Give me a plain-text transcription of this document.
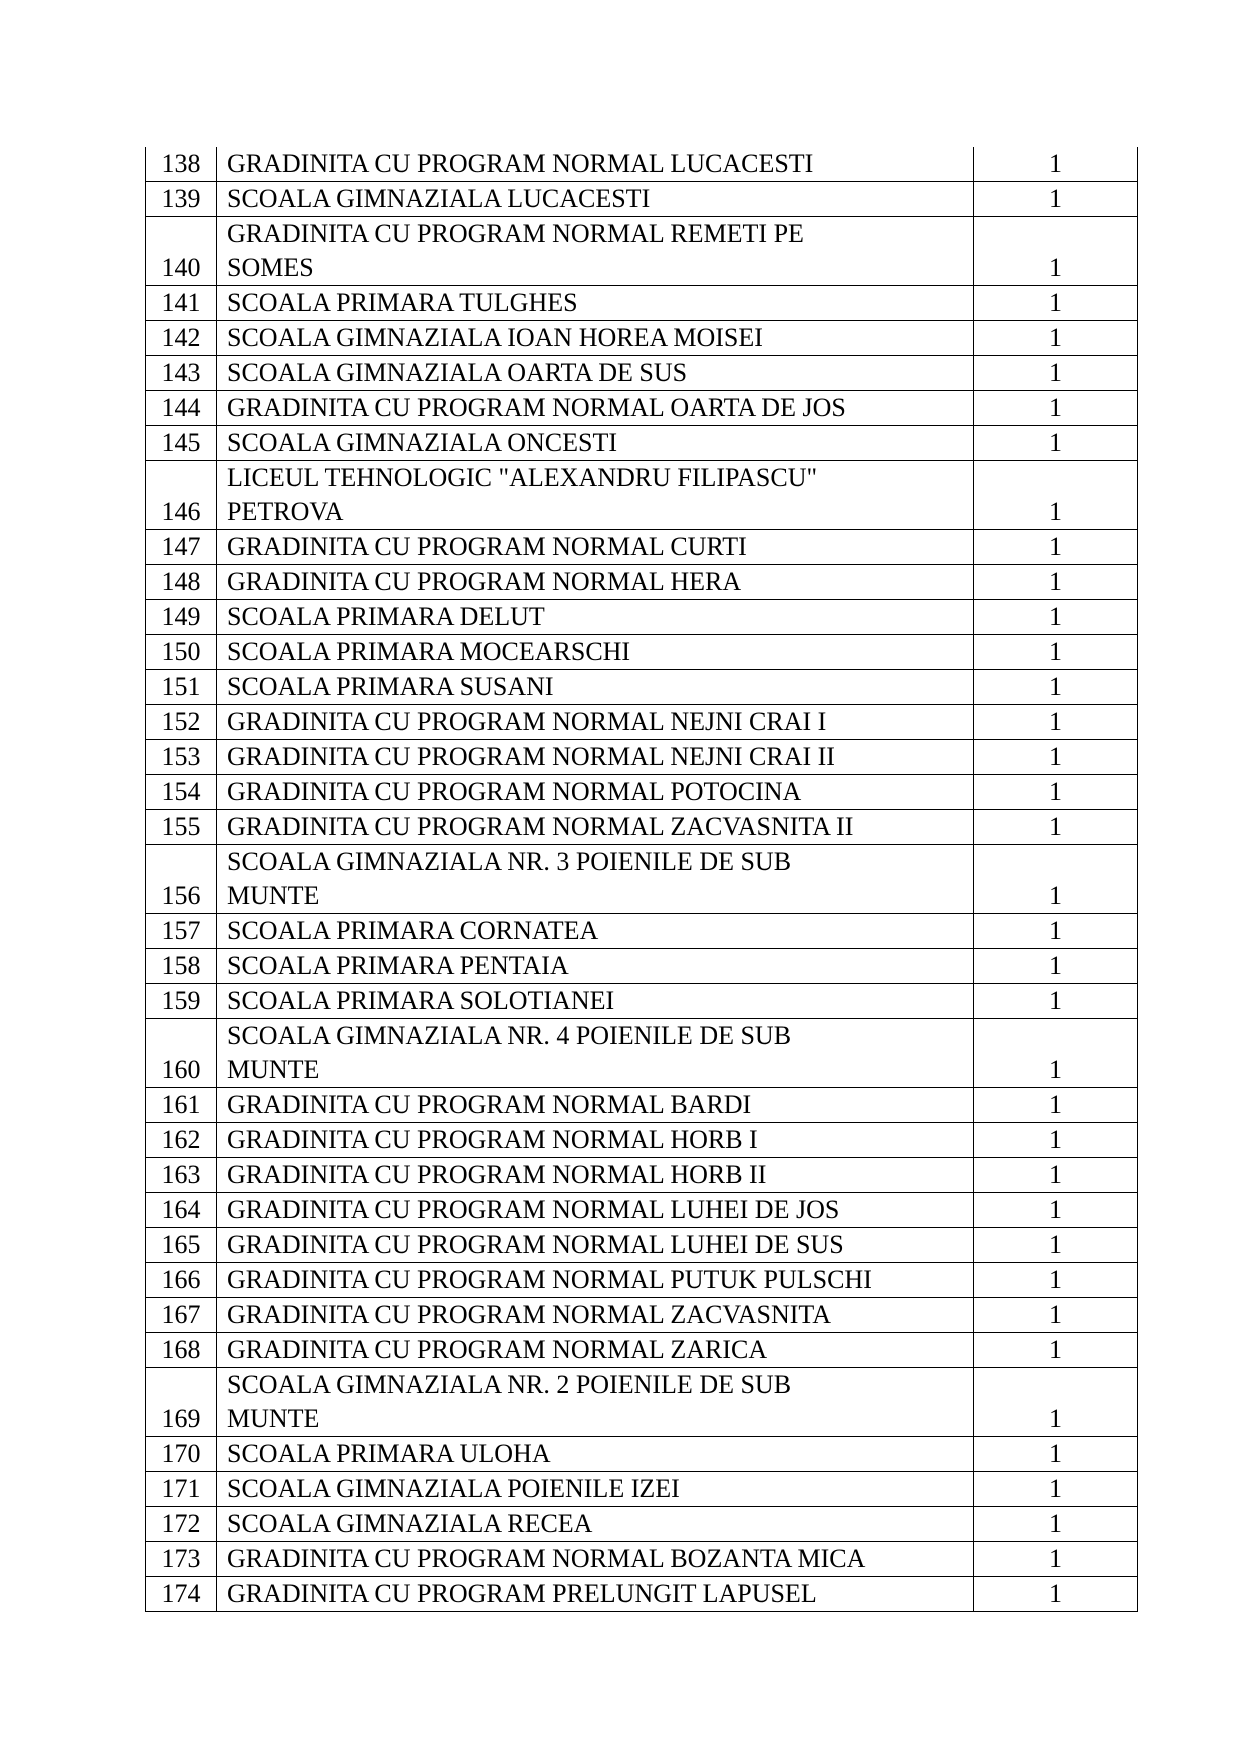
138	GRADINITA CU PROGRAM NORMAL LUCACESTI	1
139	SCOALA GIMNAZIALA LUCACESTI	1
140	GRADINITA CU PROGRAM NORMAL REMETI PE
SOMES	1
141	SCOALA PRIMARA TULGHES	1
142	SCOALA GIMNAZIALA IOAN HOREA MOISEI	1
143	SCOALA GIMNAZIALA OARTA DE SUS	1
144	GRADINITA CU PROGRAM NORMAL OARTA DE JOS	1
145	SCOALA GIMNAZIALA ONCESTI	1
146	LICEUL TEHNOLOGIC "ALEXANDRU FILIPASCU"
PETROVA	1
147	GRADINITA CU PROGRAM NORMAL CURTI	1
148	GRADINITA CU PROGRAM NORMAL HERA	1
149	SCOALA PRIMARA DELUT	1
150	SCOALA PRIMARA MOCEARSCHI	1
151	SCOALA PRIMARA SUSANI	1
152	GRADINITA CU PROGRAM NORMAL NEJNI CRAI I	1
153	GRADINITA CU PROGRAM NORMAL NEJNI CRAI II	1
154	GRADINITA CU PROGRAM NORMAL POTOCINA	1
155	GRADINITA CU PROGRAM NORMAL ZACVASNITA II	1
156	SCOALA GIMNAZIALA NR. 3 POIENILE DE SUB
MUNTE	1
157	SCOALA PRIMARA CORNATEA	1
158	SCOALA PRIMARA PENTAIA	1
159	SCOALA PRIMARA SOLOTIANEI	1
160	SCOALA GIMNAZIALA NR. 4 POIENILE DE SUB
MUNTE	1
161	GRADINITA CU PROGRAM NORMAL BARDI	1
162	GRADINITA CU PROGRAM NORMAL HORB I	1
163	GRADINITA CU PROGRAM NORMAL HORB II	1
164	GRADINITA CU PROGRAM NORMAL LUHEI DE JOS	1
165	GRADINITA CU PROGRAM NORMAL LUHEI DE SUS	1
166	GRADINITA CU PROGRAM NORMAL PUTUK PULSCHI	1
167	GRADINITA CU PROGRAM NORMAL ZACVASNITA	1
168	GRADINITA CU PROGRAM NORMAL ZARICA	1
169	SCOALA GIMNAZIALA NR. 2 POIENILE DE SUB
MUNTE	1
170	SCOALA PRIMARA ULOHA	1
171	SCOALA GIMNAZIALA POIENILE IZEI	1
172	SCOALA GIMNAZIALA RECEA	1
173	GRADINITA CU PROGRAM NORMAL BOZANTA MICA	1
174	GRADINITA CU PROGRAM PRELUNGIT LAPUSEL	1
